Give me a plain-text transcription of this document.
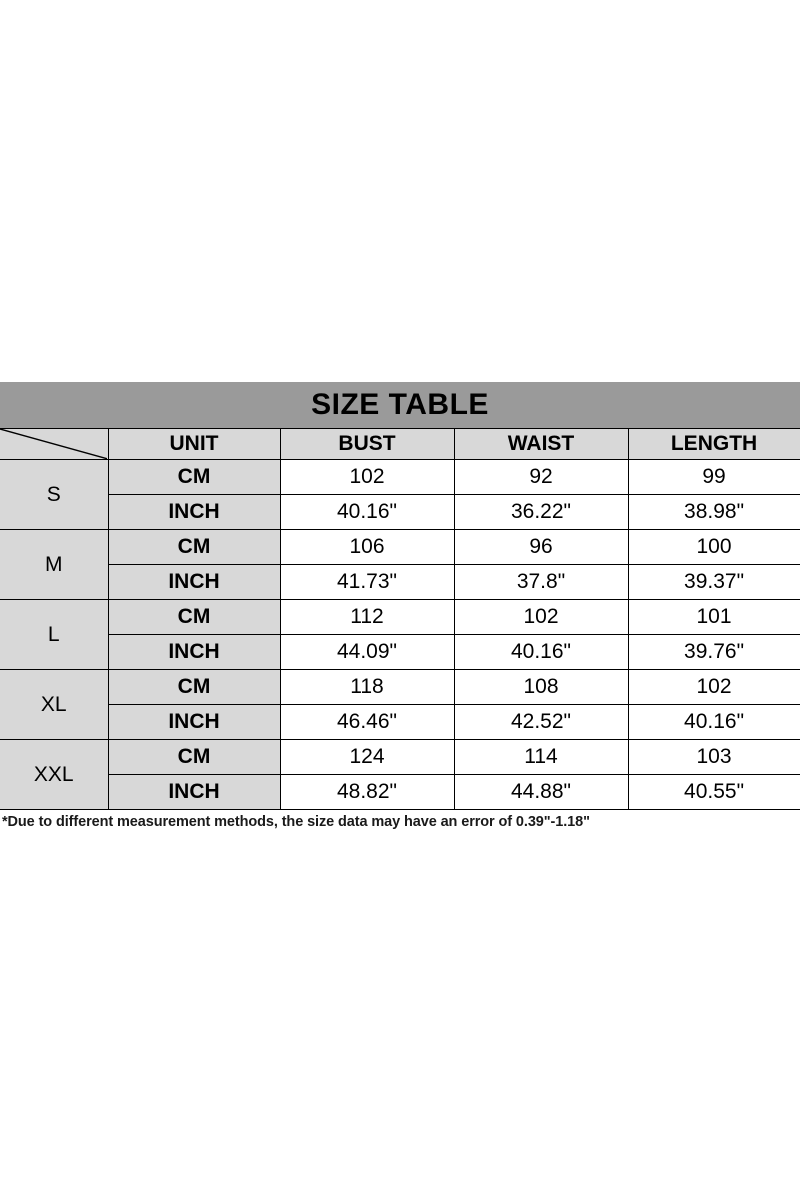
SIZE TABLE				

	UNIT	BUST	WAIST	LENGTH
S	CM	102	92	99
	INCH	40.16"	36.22"	38.98"
M	CM	106	96	100
	INCH	41.73"	37.8"	39.37"
L	CM	112	102	101
	INCH	44.09"	40.16"	39.76"
XL	CM	118	108	102
	INCH	46.46"	42.52"	40.16"
XXL	CM	124	114	103
	INCH	48.82"	44.88"	40.55"
*Due to different measurement methods, the size data may have an error of 0.39"-1.18"
